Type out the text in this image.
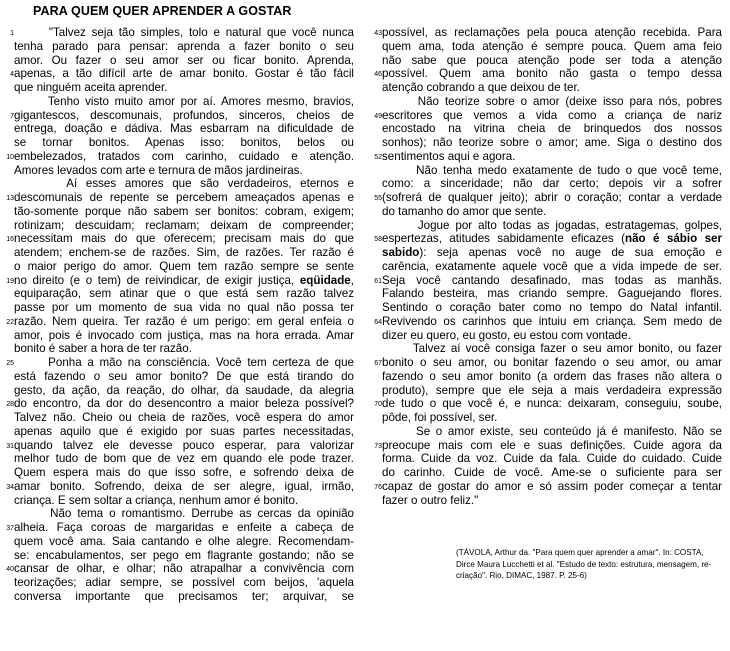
PARA QUEM QUER APRENDER A GOSTAR
1 "Talvez seja tão simples, tolo e natural que você nunca
tenha parado para pensar: aprenda a fazer bonito o seu
amor. Ou fazer o seu amor ser ou ficar bonito. Aprenda,
4 apenas, a tão difícil arte de amar bonito. Gostar é tão fácil
que ninguém aceita aprender.
Tenho visto muito amor por aí. Amores mesmo, bravios,
7 gigantescos, descomunais, profundos, sinceros, cheios de
entrega, doação e dádiva. Mas esbarram na dificuldade de
se tornar bonitos. Apenas isso: bonitos, belos ou
10 embelezados, tratados com carinho, cuidado e atenção.
Amores levados com arte e ternura de mãos jardineiras.
Aí esses amores que são verdadeiros, eternos e
13 descomunais de repente se percebem ameaçados apenas e
tão-somente porque não sabem ser bonitos: cobram, exigem;
rotinizam; descuidam; reclamam; deixam de compreender;
16 necessitam mais do que oferecem; precisam mais do que
atendem; enchem-se de razões. Sim, de razões. Ter razão é
o maior perigo do amor. Quem tem razão sempre se sente
19 no direito (e o tem) de reivindicar, de exigir justiça, eqüidade,
equiparação, sem atinar que o que está sem razão talvez
passe por um momento de sua vida no qual não possa ter
22 razão. Nem queira. Ter razão é um perigo: em geral enfeia o
amor, pois é invocado com justiça, mas na hora errada. Amar
bonito é saber a hora de ter razão.
25 Ponha a mão na consciência. Você tem certeza de que
está fazendo o seu amor bonito? De que está tirando do
gesto, da ação, da reação, do olhar, da saudade, da alegria
28 do encontro, da dor do desencontro a maior beleza possível?
Talvez não. Cheio ou cheia de razões, você espera do amor
apenas aquilo que é exigido por suas partes necessitadas,
31 quando talvez ele devesse pouco esperar, para valorizar
melhor tudo de bom que de vez em quando ele pode trazer.
Quem espera mais do que isso sofre, e sofrendo deixa de
34 amar bonito. Sofrendo, deixa de ser alegre, igual, irmão,
criança. E sem soltar a criança, nenhum amor é bonito.
Não tema o romantismo. Derrube as cercas da opinião
37 alheia. Faça coroas de margaridas e enfeite a cabeça de
quem você ama. Saia cantando e olhe alegre. Recomendam-
se: encabulamentos, ser pego em flagrante gostando; não se
40 cansar de olhar, e olhar; não atrapalhar a convivência com
teorizações; adiar sempre, se possível com beijos, 'aquela
conversa importante que precisamos ter; arquivar, se
43 possível, as reclamações pela pouca atenção recebida. Para
quem ama, toda atenção é sempre pouca. Quem ama feio
não sabe que pouca atenção pode ser toda a atenção
46 possível. Quem ama bonito não gasta o tempo dessa
atenção cobrando a que deixou de ter.
Não teorize sobre o amor (deixe isso para nós, pobres
49 escritores que vemos a vida como a criança de nariz
encostado na vitrina cheia de brinquedos dos nossos
sonhos); não teorize sobre o amor; ame. Siga o destino dos
52 sentimentos aqui e agora.
Não tenha medo exatamente de tudo o que você teme,
como: a sinceridade; não dar certo; depois vir a sofrer
55 (sofrerá de qualquer jeito); abrir o coração; contar a verdade
do tamanho do amor que sente.
Jogue por alto todas as jogadas, estratagemas, golpes,
58 espertezas, atitudes sabidamente eficazes (não é sábio ser
sabido): seja apenas você no auge de sua emoção e
carência, exatamente aquele você que a vida impede de ser.
61 Seja você cantando desafinado, mas todas as manhãs.
Falando besteira, mas criando sempre. Gaguejando flores.
Sentindo o coração bater como no tempo do Natal infantil.
64 Revivendo os carinhos que intuiu em criança. Sem medo de
dizer eu quero, eu gosto, eu estou com vontade.
Talvez aí você consiga fazer o seu amor bonito, ou fazer
67 bonito o seu amor, ou bonitar fazendo o seu amor, ou amar
fazendo o seu amor bonito (a ordem das frases não altera o
produto), sempre que ele seja a mais verdadeira expressão
70 de tudo o que você é, e nunca: deixaram, conseguiu, soube,
pôde, foi possível, ser.
Se o amor existe, seu conteúdo já é manifesto. Não se
73 preocupe mais com ele e suas definições. Cuide agora da
forma. Cuide da voz. Cuide da fala. Cuide do cuidado. Cuide
do carinho. Cuide de você. Ame-se o suficiente para ser
76 capaz de gostar do amor e só assim poder começar a tentar
fazer o outro feliz."
(TÁVOLA, Arthur da. "Para quem quer aprender a amar". In: COSTA, Dirce Maura Lucchetti et al. "Estudo de texto: estrutura, mensagem, re-criação". Rio, DIMAC, 1987. P. 25-6)
